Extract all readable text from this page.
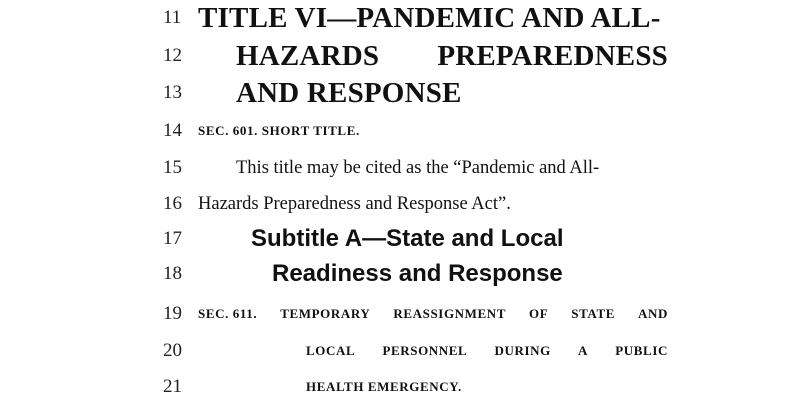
11 TITLE VI—PANDEMIC AND ALL-
12 HAZARDS PREPAREDNESS
13 AND RESPONSE
14	SEC. 601. SHORT TITLE.
15	This title may be cited as the “Pandemic and All-
16 Hazards Preparedness and Response Act”.
17	Subtitle A—State and Local
18	Readiness and Response
19	SEC. 611. TEMPORARY REASSIGNMENT OF STATE AND
20	LOCAL PERSONNEL DURING A PUBLIC
21	HEALTH EMERGENCY.
